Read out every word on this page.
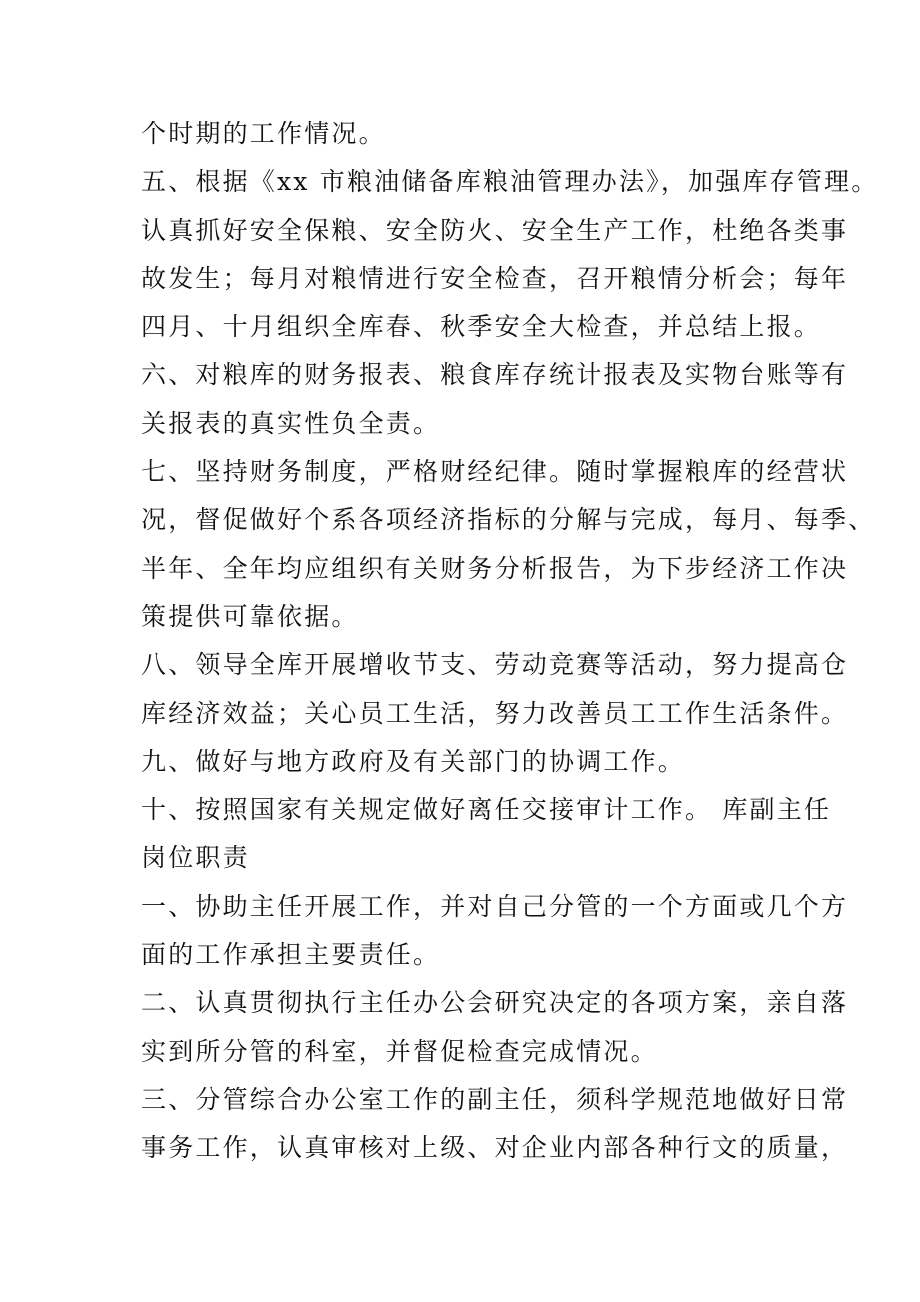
个时期的工作情况。
五、根据《xx 市粮油储备库粮油管理办法》，加强库存管理。
认真抓好安全保粮、安全防火、安全生产工作，杜绝各类事
故发生；每月对粮情进行安全检查，召开粮情分析会；每年
四月、十月组织全库春、秋季安全大检查，并总结上报。
六、对粮库的财务报表、粮食库存统计报表及实物台账等有
关报表的真实性负全责。
七、坚持财务制度，严格财经纪律。随时掌握粮库的经营状
况，督促做好个系各项经济指标的分解与完成，每月、每季、
半年、全年均应组织有关财务分析报告，为下步经济工作决
策提供可靠依据。
八、领导全库开展增收节支、劳动竞赛等活动，努力提高仓
库经济效益；关心员工生活，努力改善员工工作生活条件。
九、做好与地方政府及有关部门的协调工作。
十、按照国家有关规定做好离任交接审计工作。 库副主任
岗位职责
一、协助主任开展工作，并对自己分管的一个方面或几个方
面的工作承担主要责任。
二、认真贯彻执行主任办公会研究决定的各项方案，亲自落
实到所分管的科室，并督促检查完成情况。
三、分管综合办公室工作的副主任，须科学规范地做好日常
事务工作，认真审核对上级、对企业内部各种行文的质量，
